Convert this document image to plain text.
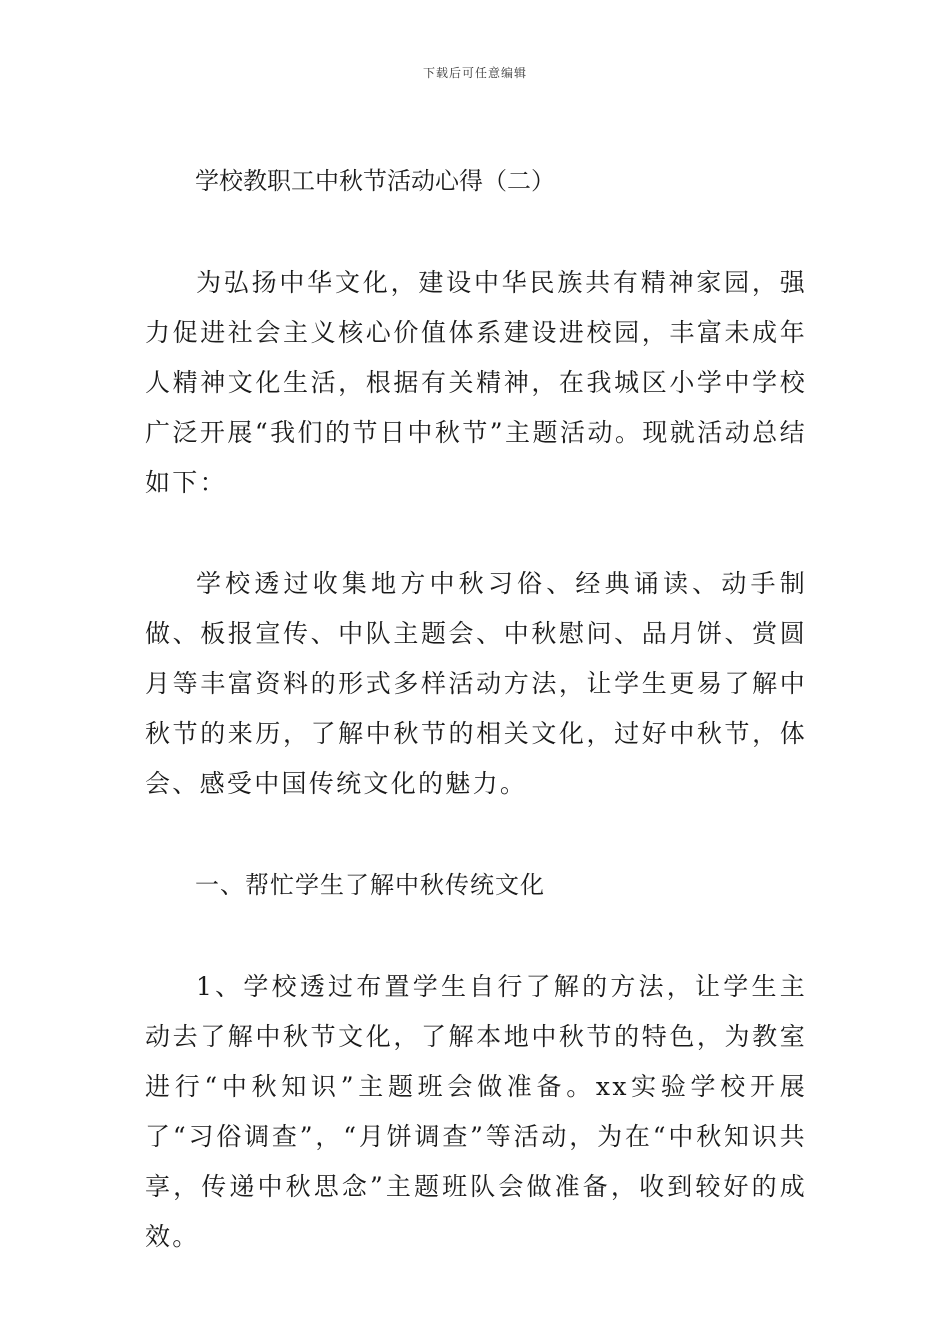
下载后可任意编辑
学校教职工中秋节活动心得（二）

为弘扬中华文化，建设中华民族共有精神家园，强力促进社会主义核心价值体系建设进校园，丰富未成年人精神文化生活，根据有关精神，在我城区小学中学校广泛开展“我们的节日中秋节”主题活动。现就活动总结如下：

学校透过收集地方中秋习俗、经典诵读、动手制做、板报宣传、中队主题会、中秋慰问、品月饼、赏圆月等丰富资料的形式多样活动方法，让学生更易了解中秋节的来历，了解中秋节的相关文化，过好中秋节，体会、感受中国传统文化的魅力。

一、帮忙学生了解中秋传统文化

1、学校透过布置学生自行了解的方法，让学生主动去了解中秋节文化，了解本地中秋节的特色，为教室进行“中秋知识”主题班会做准备。xx实验学校开展了“习俗调查”，“月饼调查”等活动，为在“中秋知识共享，传递中秋思念”主题班队会做准备，收到较好的成效。
